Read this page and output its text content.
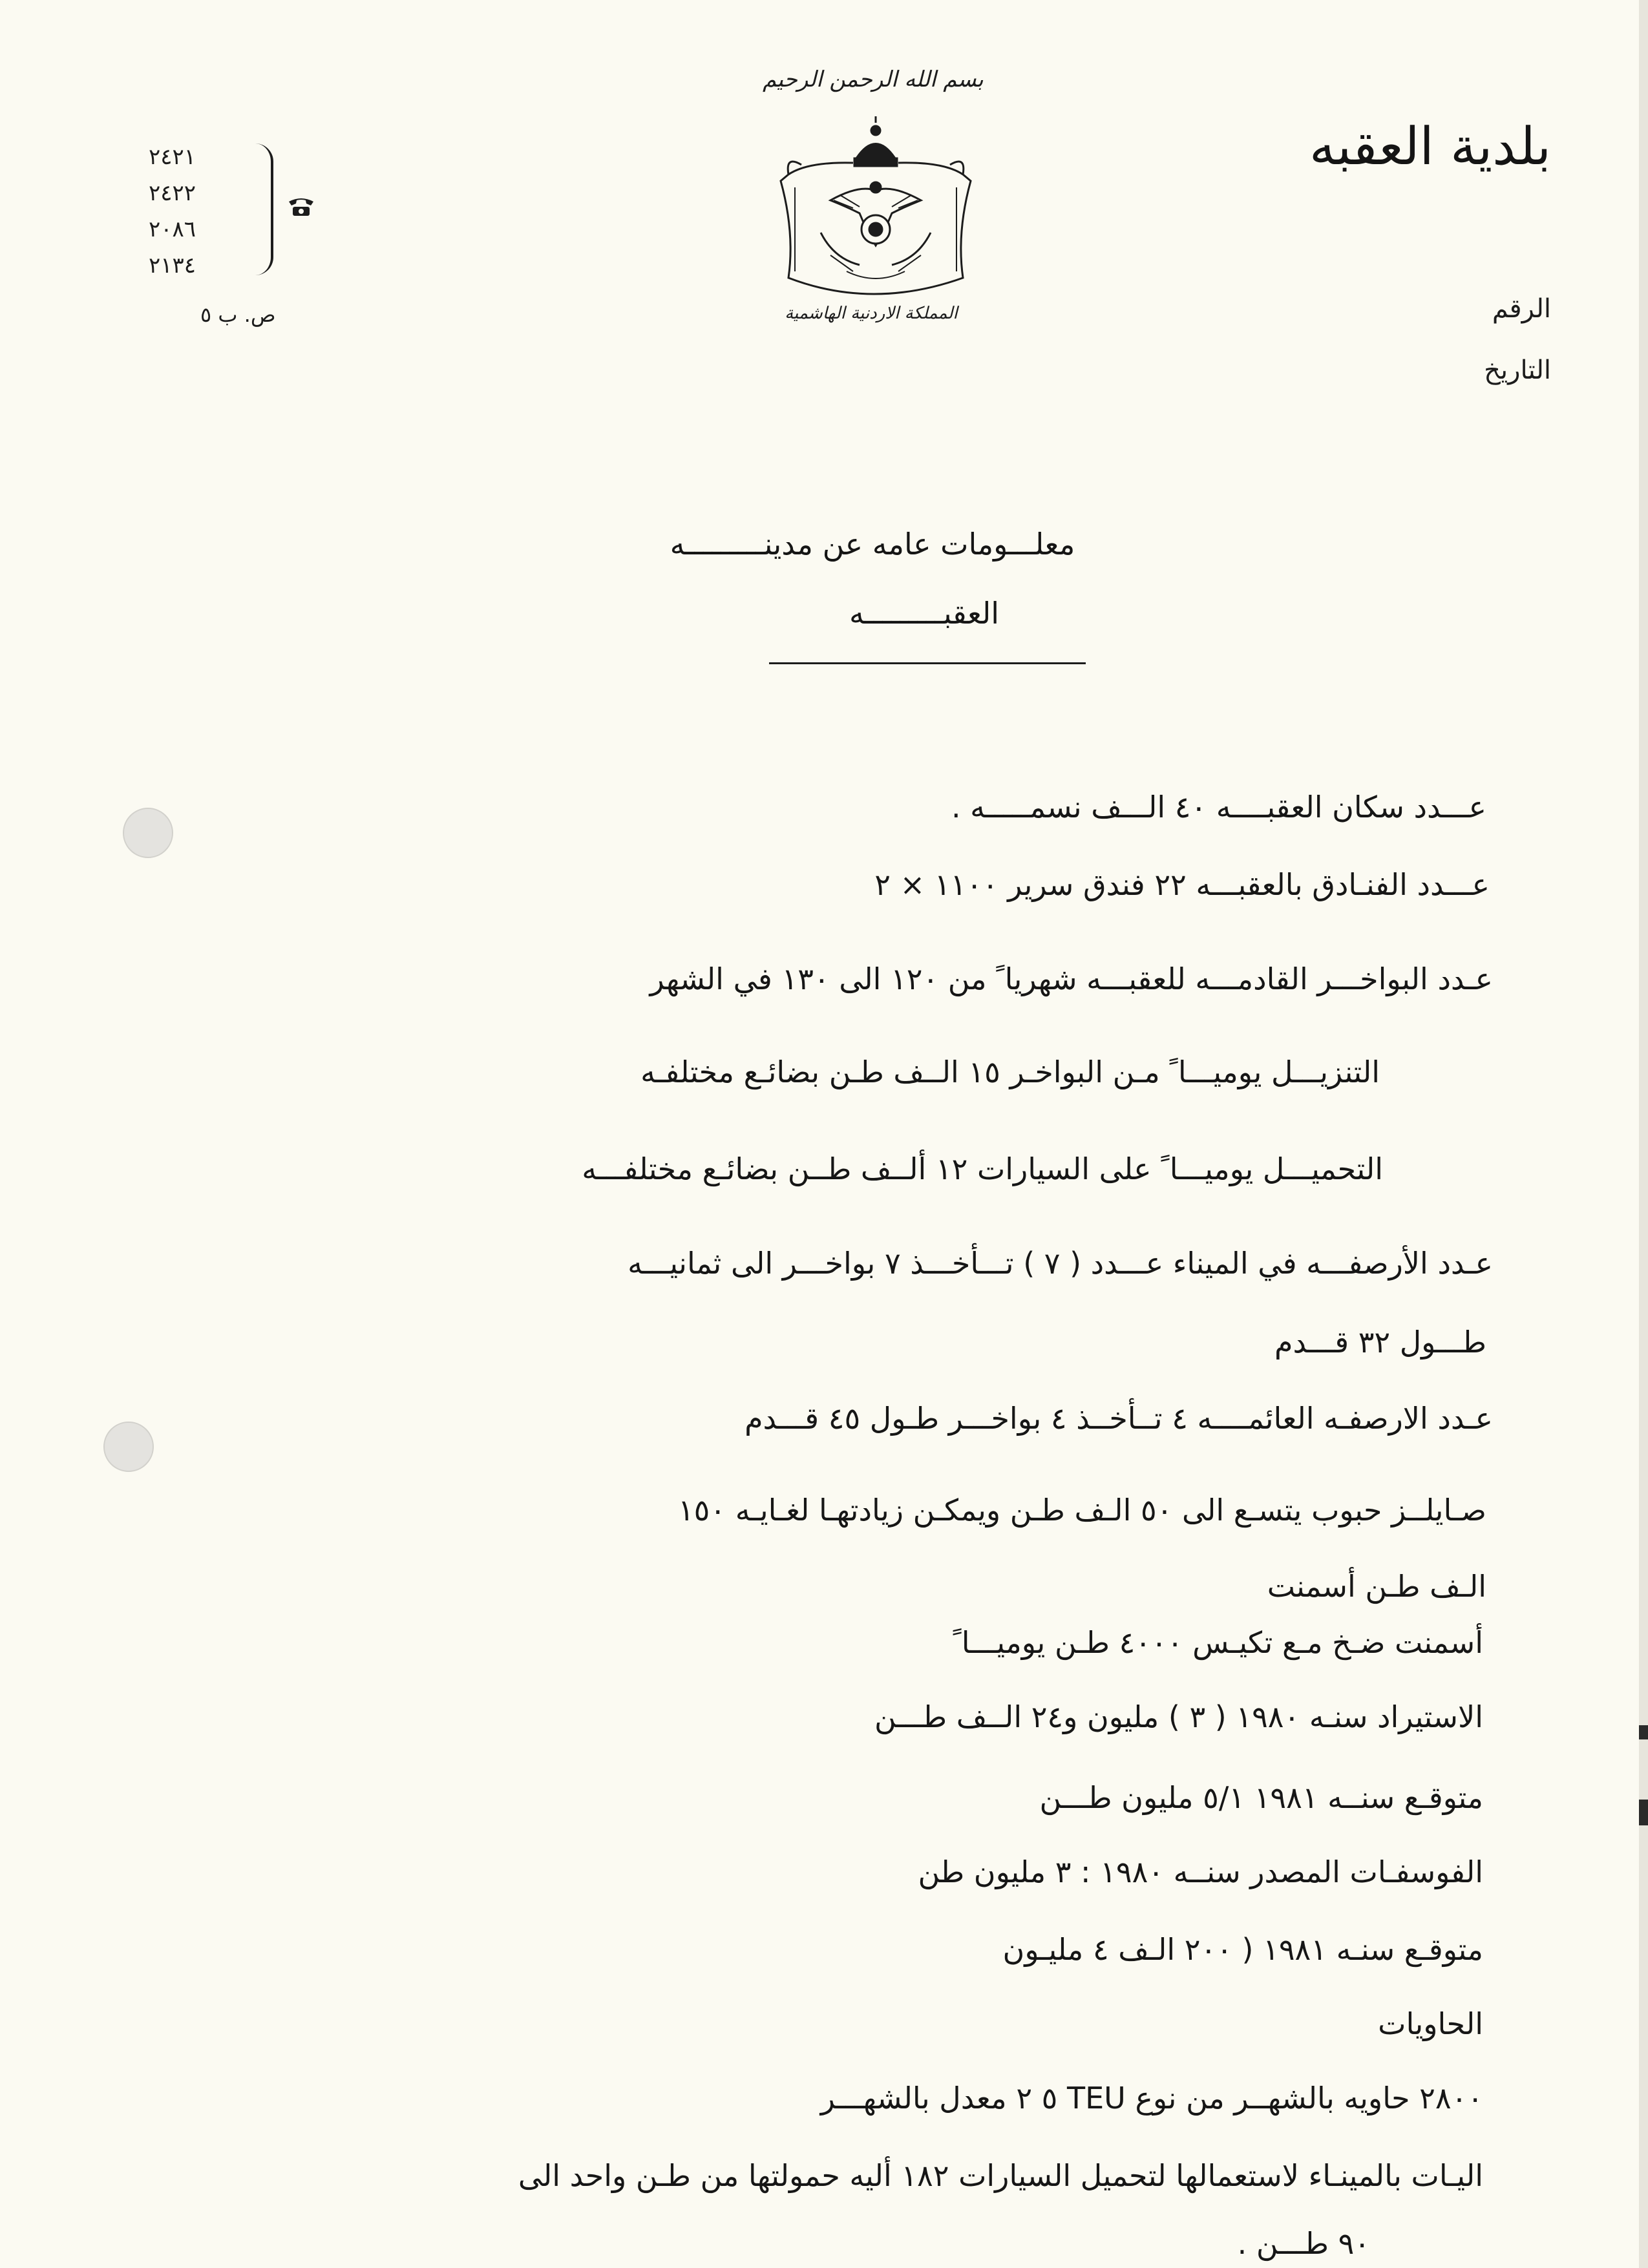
بلدية العقبه
الرقم
التاريخ
٢٤٢١
٢٤٢٢
٢٠٨٦
٢١٣٤
ص. ب ٥
بسم الله الرحمن الرحيم
المملكة الاردنية الهاشمية
معلـــومات عامه عن مدينـــــــــه
العقبـــــــــه
عـــدد سكان العقبــــه ٤٠ الـــف نسمـــــه .
عـــدد الفنـادق بالعقبـــه ٢٢ فندق سرير ١١٠٠ × ٢
عـدد البواخـــر القادمـــه للعقبـــه شهريا ً من ١٢٠ الى ١٣٠ في الشهر
التنزيـــل يوميـــا ً مـن البواخـر ١٥ الــف طـن بضائـع مختلفـه
التحميـــل يوميـــا ً على السيارات ١٢ ألــف طــن بضائـع مختلفـــه
عـدد الأرصفـــه في الميناء عـــدد ( ٧ ) تـــأخـــذ ٧ بواخـــر الى ثمانيـــه
طـــول ٣٢ قـــدم
عـدد الارصفـه العائمــــه ٤ تــأخــذ ٤ بواخـــر طـول ٤٥ قـــدم
صـايلــز حبوب يتسـع الى ٥٠ الـف طـن ويمكـن زيادتهـا لغـايـه ١٥٠
الـف طـن أسمنت
أسمنت ضـخ مـع تكيـس ٤٠٠٠ طـن يوميـــا ً
الاستيراد سنـه ١٩٨٠ ( ٣ ) مليون و٢٤ الــف طـــن
متوقـع سنــه ١٩٨١ ٥/١ مليون طـــن
الفوسفـات المصدر سنــه ١٩٨٠ : ٣ مليون طن
متوقـع سنـه ١٩٨١ ( ٢٠٠ الـف ٤ مليـون
الحاويات
٢٨٠٠ حاويه بالشهــر من نوع TEU ٥ ٢ معدل بالشهـــر
اليـات بالمينـاء لاستعمالها لتحميل السيارات ١٨٢ أليه حمولتها من طـن واحد الى
٩٠ طـــن .
